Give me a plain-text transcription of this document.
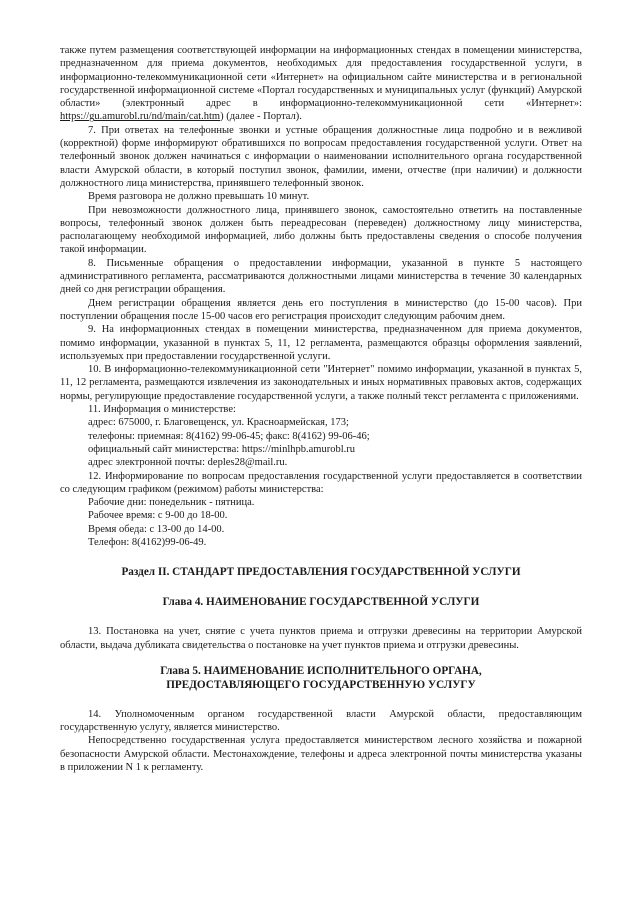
также путем размещения соответствующей информации на информационных стендах в помещении министерства, предназначенном для приема документов, необходимых для предоставления государственной услуги, в информационно-телекоммуникационной сети «Интернет» на официальном сайте министерства и в региональной государственной информационной системе «Портал государственных и муниципальных услуг (функций) Амурской области» (электронный адрес в информационно-телекоммуникационной сети «Интернет»: https://gu.amurobl.ru/nd/main/cat.htm) (далее - Портал).

7. При ответах на телефонные звонки и устные обращения должностные лица подробно и в вежливой (корректной) форме информируют обратившихся по вопросам предоставления государственной услуги. Ответ на телефонный звонок должен начинаться с информации о наименовании исполнительного органа государственной власти Амурской области, в который поступил звонок, фамилии, имени, отчестве (при наличии) и должности должностного лица министерства, принявшего телефонный звонок.

Время разговора не должно превышать 10 минут.

При невозможности должностного лица, принявшего звонок, самостоятельно ответить на поставленные вопросы, телефонный звонок должен быть переадресован (переведен) должностному лицу министерства, располагающему необходимой информацией, либо должны быть предоставлены сведения о способе получения такой информации.

8. Письменные обращения о предоставлении информации, указанной в пункте 5 настоящего административного регламента, рассматриваются должностными лицами министерства в течение 30 календарных дней со дня регистрации обращения.

Днем регистрации обращения является день его поступления в министерство (до 15-00 часов). При поступлении обращения после 15-00 часов его регистрация происходит следующим рабочим днем.

9. На информационных стендах в помещении министерства, предназначенном для приема документов, помимо информации, указанной в пунктах 5, 11, 12 регламента, размещаются образцы оформления заявлений, используемых при предоставлении государственной услуги.

10. В информационно-телекоммуникационной сети "Интернет" помимо информации, указанной в пунктах 5, 11, 12 регламента, размещаются извлечения из законодательных и иных нормативных правовых актов, содержащих нормы, регулирующие предоставление государственной услуги, а также полный текст регламента с приложениями.

11. Информация о министерстве:

адрес: 675000, г. Благовещенск, ул. Красноармейская, 173;

телефоны: приемная: 8(4162) 99-06-45; факс: 8(4162) 99-06-46;

официальный сайт министерства: https://minlhpb.amurobl.ru

адрес электронной почты: deples28@mail.ru.

12. Информирование по вопросам предоставления государственной услуги предоставляется в соответствии со следующим графиком (режимом) работы министерства:

Рабочие дни: понедельник - пятница.

Рабочее время: с 9-00 до 18-00.

Время обеда: с 13-00 до 14-00.

Телефон: 8(4162)99-06-49.

Раздел II. СТАНДАРТ ПРЕДОСТАВЛЕНИЯ ГОСУДАРСТВЕННОЙ УСЛУГИ

Глава 4. НАИМЕНОВАНИЕ ГОСУДАРСТВЕННОЙ УСЛУГИ

13. Постановка на учет, снятие с учета пунктов приема и отгрузки древесины на территории Амурской области, выдача дубликата свидетельства о постановке на учет пунктов приема и отгрузки древесины.

Глава 5. НАИМЕНОВАНИЕ ИСПОЛНИТЕЛЬНОГО ОРГАНА,

ПРЕДОСТАВЛЯЮЩЕГО ГОСУДАРСТВЕННУЮ УСЛУГУ

14. Уполномоченным органом государственной власти Амурской области, предоставляющим государственную услугу, является министерство.

Непосредственно государственная услуга предоставляется министерством лесного хозяйства и пожарной безопасности Амурской области. Местонахождение, телефоны и адреса электронной почты министерства указаны в приложении N 1 к регламенту.
